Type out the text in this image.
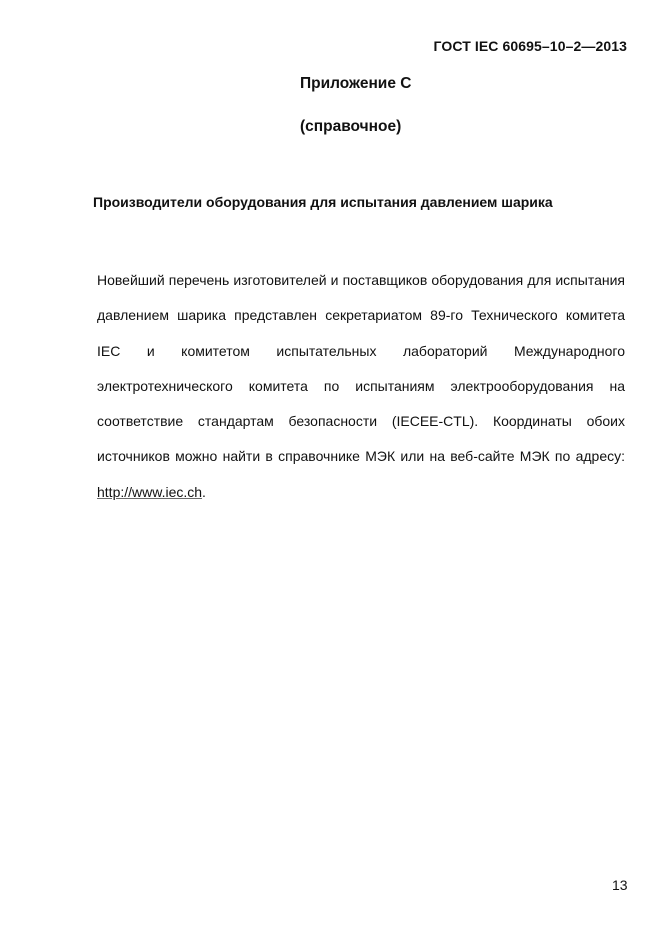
ГОСТ IEC 60695–10–2—2013
Приложение С
(справочное)
Производители оборудования для испытания давлением шарика

Новейший перечень изготовителей и поставщиков оборудования для испытания давлением шарика представлен секретариатом 89-го Технического комитета IEC и комитетом испытательных лабораторий Международного электротехнического комитета по испытаниям электрооборудования на соответствие стандартам безопасности (IECEE-CTL). Координаты обоих источников можно найти в справочнике МЭК или на веб-сайте МЭК по адресу: http://www.iec.ch.

13
